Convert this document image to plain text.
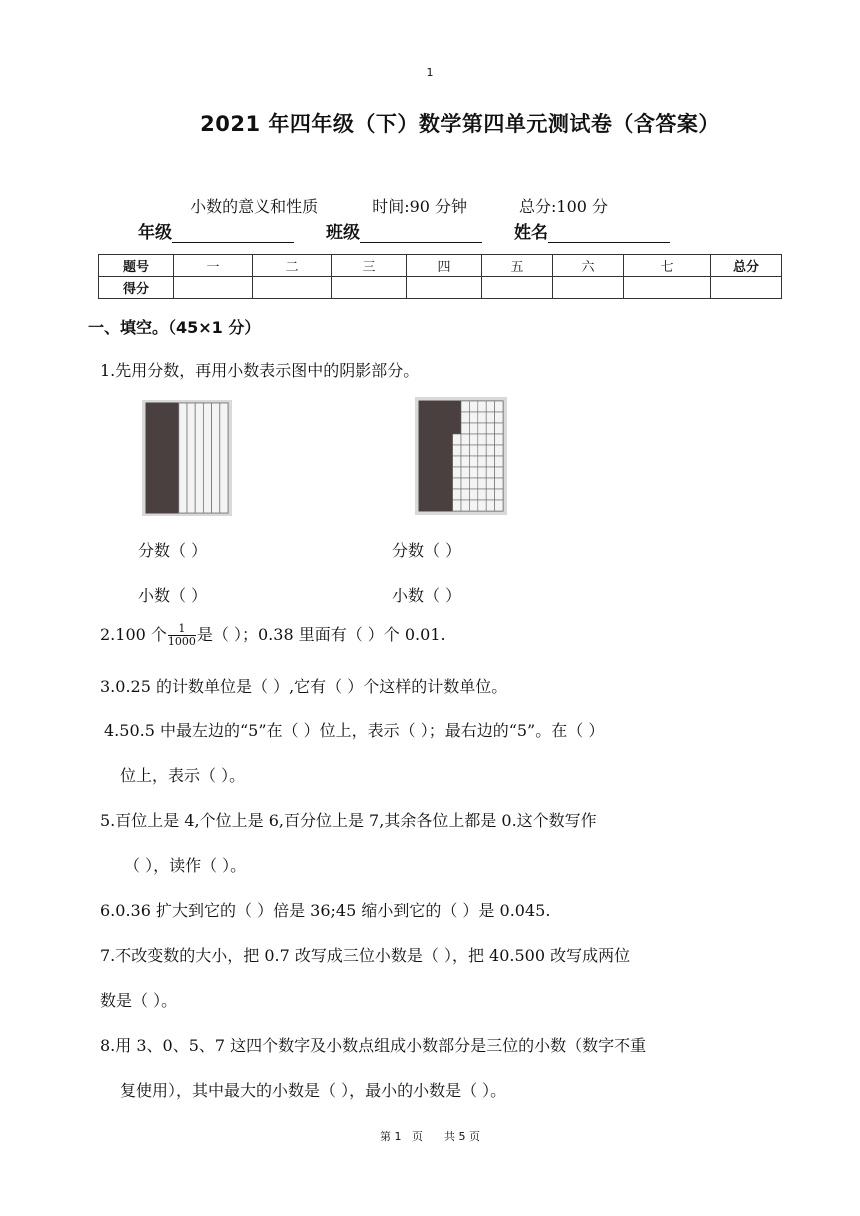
1
2021 年四年级（下）数学第四单元测试卷（含答案）

小数的意义和性质	时间:90 分钟	总分:100 分

年级	班级	姓名
题号	一	二	三	四	五	六	七	总分
得分								
一、填空。（45×1 分）
1.先用分数，再用小数表示图中的阴影部分。
分数（ ）	分数（ ）
小数（ ）	小数（ ）
2.100 个 $\frac{1}{1000}$ 是（ ）；0.38 里面有（ ）个 0.01.
3.0.25 的计数单位是（ ）,它有（ ）个这样的计数单位。
4.50.5 中最左边的“5”在（ ）位上，表示（ ）；最右边的“5”。在（ ）
位上，表示（ ）。
5.百位上是 4,个位上是 6,百分位上是 7,其余各位上都是 0.这个数写作
（ ），读作（ ）。
6.0.36 扩大到它的（ ）倍是 36;45 缩小到它的（ ）是 0.045.
7.不改变数的大小，把 0.7 改写成三位小数是（ ），把 40.500 改写成两位
数是（ ）。
8.用 3、0、5、7 这四个数字及小数点组成小数部分是三位的小数（数字不重
复使用），其中最大的小数是（ ），最小的小数是（ ）。
第 1   页      共 5 页
